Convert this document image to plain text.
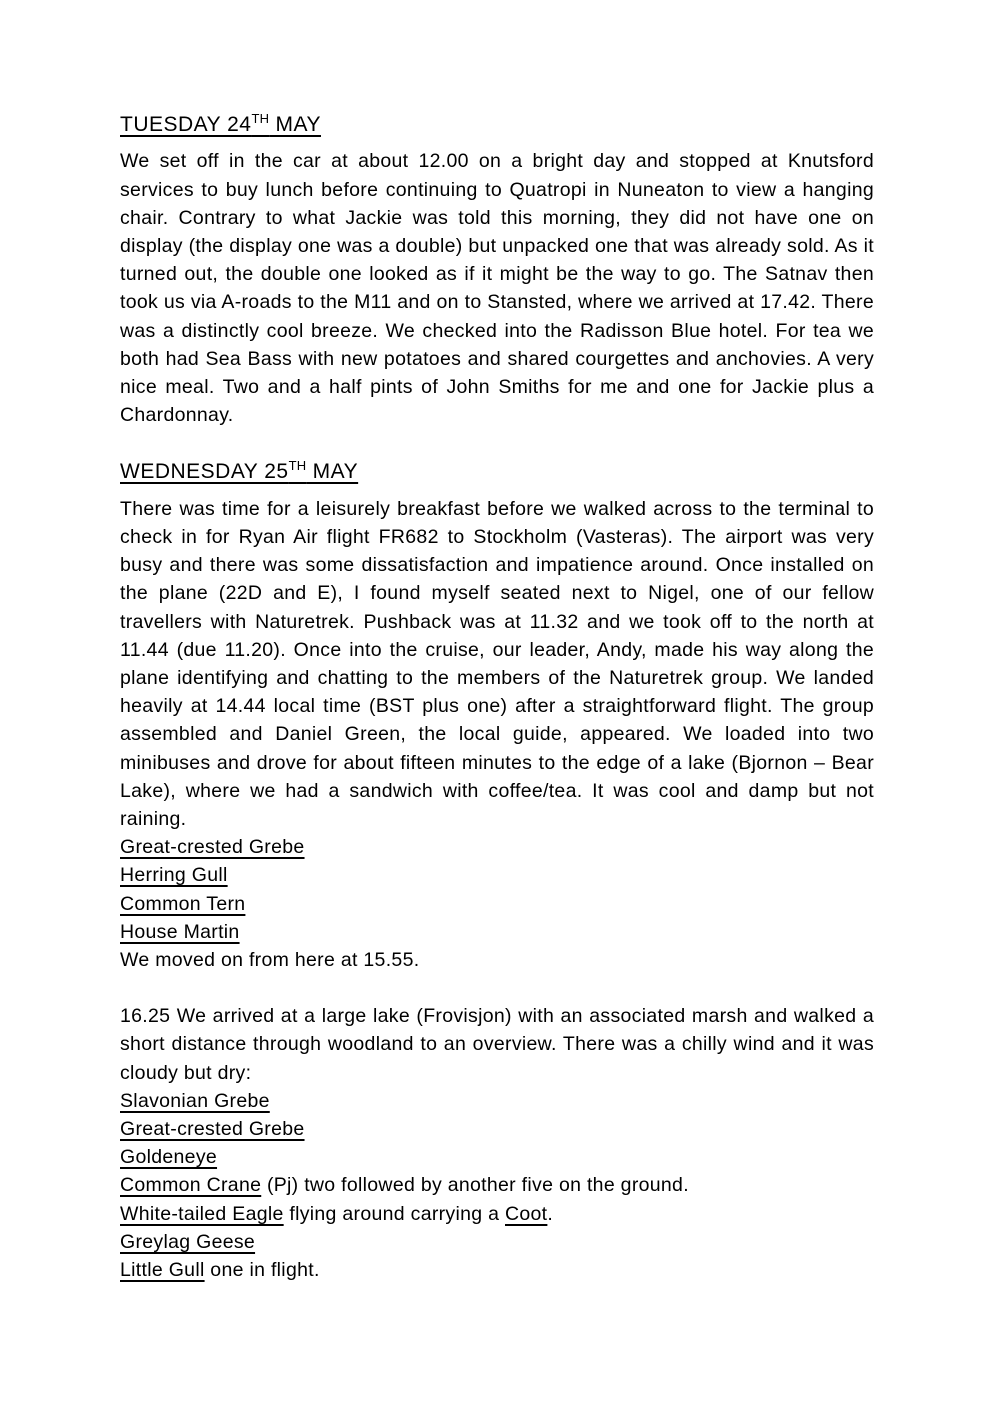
TUESDAY 24TH MAY

We set off in the car at about 12.00 on a bright day and stopped at Knutsford services to buy lunch before continuing to Quatropi in Nuneaton to view a hanging chair. Contrary to what Jackie was told this morning, they did not have one on display (the display one was a double) but unpacked one that was already sold. As it turned out, the double one looked as if it might be the way to go. The Satnav then took us via A-roads to the M11 and on to Stansted, where we arrived at 17.42. There was a distinctly cool breeze. We checked into the Radisson Blue hotel. For tea we both had Sea Bass with new potatoes and shared courgettes and anchovies. A very nice meal. Two and a half pints of John Smiths for me and one for Jackie plus a Chardonnay.

WEDNESDAY 25TH MAY

There was time for a leisurely breakfast before we walked across to the terminal to check in for Ryan Air flight FR682 to Stockholm (Vasteras). The airport was very busy and there was some dissatisfaction and impatience around. Once installed on the plane (22D and E), I found myself seated next to Nigel, one of our fellow travellers with Naturetrek. Pushback was at 11.32 and we took off to the north at 11.44 (due 11.20). Once into the cruise, our leader, Andy, made his way along the plane identifying and chatting to the members of the Naturetrek group. We landed heavily at 14.44 local time (BST plus one) after a straightforward flight. The group assembled and Daniel Green, the local guide, appeared. We loaded into two minibuses and drove for about fifteen minutes to the edge of a lake (Bjornon – Bear Lake), where we had a sandwich with coffee/tea. It was cool and damp but not raining.

Great-crested Grebe
Herring Gull
Common Tern
House Martin

We moved on from here at 15.55.

16.25 We arrived at a large lake (Frovisjon) with an associated marsh and walked a short distance through woodland to an overview. There was a chilly wind and it was cloudy but dry:

Slavonian Grebe
Great-crested Grebe
Goldeneye
Common Crane (Pj) two followed by another five on the ground.
White-tailed Eagle flying around carrying a Coot.
Greylag Geese
Little Gull one in flight.
